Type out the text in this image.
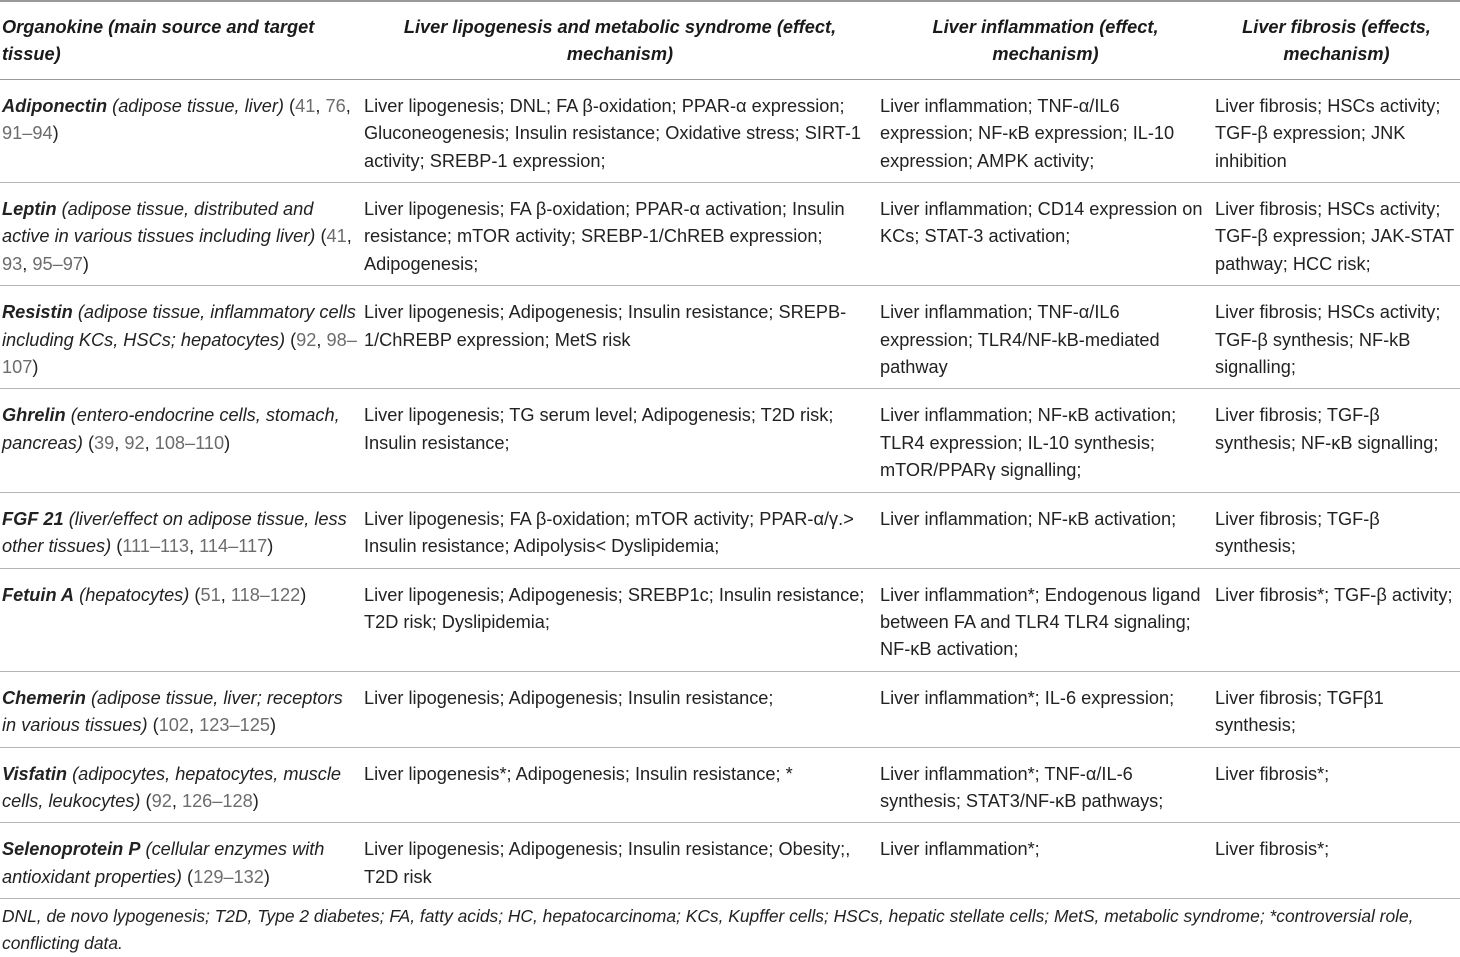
Organokine (main source and target tissue)	Liver lipogenesis and metabolic syndrome (effect, mechanism)	Liver inflammation (effect, mechanism)	Liver fibrosis (effects, mechanism)
Adiponectin (adipose tissue, liver) (41, 76, 91–94)	Liver lipogenesis; DNL; FA β-oxidation; PPAR-α expression; Gluconeogenesis; Insulin resistance; Oxidative stress; SIRT-1 activity; SREBP-1 expression;	Liver inflammation; TNF-α/IL6 expression; NF-κB expression; IL-10 expression; AMPK activity;	Liver fibrosis; HSCs activity; TGF-β expression; JNK inhibition
Leptin (adipose tissue, distributed and active in various tissues including liver) (41, 93, 95–97)	Liver lipogenesis; FA β-oxidation; PPAR-α activation; Insulin resistance; mTOR activity; SREBP-1/ChREB expression; Adipogenesis;	Liver inflammation; CD14 expression on KCs; STAT-3 activation;	Liver fibrosis; HSCs activity; TGF-β expression; JAK-STAT pathway; HCC risk;
Resistin (adipose tissue, inflammatory cells including KCs, HSCs; hepatocytes) (92, 98–107)	Liver lipogenesis; Adipogenesis; Insulin resistance; SREPB-1/ChREBP expression; MetS risk	Liver inflammation; TNF-α/IL6 expression; TLR4/NF-kB-mediated pathway	Liver fibrosis; HSCs activity; TGF-β synthesis; NF-kB signalling;
Ghrelin (entero-endocrine cells, stomach, pancreas) (39, 92, 108–110)	Liver lipogenesis; TG serum level; Adipogenesis; T2D risk; Insulin resistance;	Liver inflammation; NF-κB activation; TLR4 expression; IL-10 synthesis; mTOR/PPARγ signalling;	Liver fibrosis; TGF-β synthesis; NF-κB signalling;
FGF 21 (liver/effect on adipose tissue, less other tissues) (111–113, 114–117)	Liver lipogenesis; FA β-oxidation; mTOR activity; PPAR-α/γ.> Insulin resistance; Adipolysis< Dyslipidemia;	Liver inflammation; NF-κB activation;	Liver fibrosis; TGF-β synthesis;
Fetuin A (hepatocytes) (51, 118–122)	Liver lipogenesis; Adipogenesis; SREBP1c; Insulin resistance; T2D risk; Dyslipidemia;	Liver inflammation*; Endogenous ligand between FA and TLR4 TLR4 signaling; NF-κB activation;	Liver fibrosis*; TGF-β activity;
Chemerin (adipose tissue, liver; receptors in various tissues) (102, 123–125)	Liver lipogenesis; Adipogenesis; Insulin resistance;	Liver inflammation*; IL-6 expression;	Liver fibrosis; TGFβ1 synthesis;
Visfatin (adipocytes, hepatocytes, muscle cells, leukocytes) (92, 126–128)	Liver lipogenesis*; Adipogenesis; Insulin resistance; *	Liver inflammation*; TNF-α/IL-6 synthesis; STAT3/NF-κB pathways;	Liver fibrosis*;
Selenoprotein P (cellular enzymes with antioxidant properties) (129–132)	Liver lipogenesis; Adipogenesis; Insulin resistance; Obesity;, T2D risk	Liver inflammation*;	Liver fibrosis*;
DNL, de novo lypogenesis; T2D, Type 2 diabetes; FA, fatty acids; HC, hepatocarcinoma; KCs, Kupffer cells; HSCs, hepatic stellate cells; MetS, metabolic syndrome; *controversial role, conflicting data.
